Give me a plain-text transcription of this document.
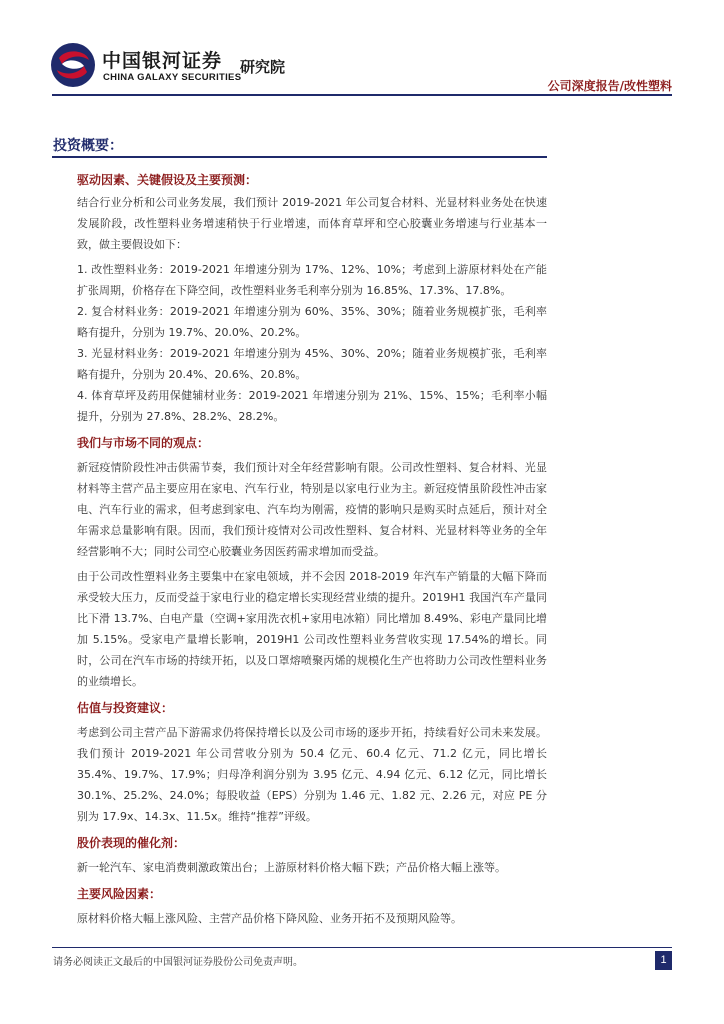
中国银河证券
CHINA GALAXY SECURITIES
研究院
公司深度报告/改性塑料
投资概要：

驱动因素、关键假设及主要预测：

结合行业分析和公司业务发展，我们预计 2019-2021 年公司复合材料、光显材料业务处在快速发展阶段，改性塑料业务增速稍快于行业增速，而体育草坪和空心胶囊业务增速与行业基本一致，做主要假设如下：

1. 改性塑料业务：2019-2021 年增速分别为 17%、12%、10%；考虑到上游原材料处在产能扩张周期，价格存在下降空间，改性塑料业务毛利率分别为 16.85%、17.3%、17.8%。

2. 复合材料业务：2019-2021 年增速分别为 60%、35%、30%；随着业务规模扩张，毛利率略有提升，分别为 19.7%、20.0%、20.2%。

3. 光显材料业务：2019-2021 年增速分别为 45%、30%、20%；随着业务规模扩张，毛利率略有提升，分别为 20.4%、20.6%、20.8%。

4. 体育草坪及药用保健辅材业务：2019-2021 年增速分别为 21%、15%、15%；毛利率小幅提升，分别为 27.8%、28.2%、28.2%。

我们与市场不同的观点：

新冠疫情阶段性冲击供需节奏，我们预计对全年经营影响有限。公司改性塑料、复合材料、光显材料等主营产品主要应用在家电、汽车行业，特别是以家电行业为主。新冠疫情虽阶段性冲击家电、汽车行业的需求，但考虑到家电、汽车均为刚需，疫情的影响只是购买时点延后，预计对全年需求总量影响有限。因而，我们预计疫情对公司改性塑料、复合材料、光显材料等业务的全年经营影响不大；同时公司空心胶囊业务因医药需求增加而受益。

由于公司改性塑料业务主要集中在家电领域，并不会因 2018-2019 年汽车产销量的大幅下降而承受较大压力，反而受益于家电行业的稳定增长实现经营业绩的提升。2019H1 我国汽车产量同比下滑 13.7%、白电产量（空调+家用洗衣机+家用电冰箱）同比增加 8.49%、彩电产量同比增加 5.15%。受家电产量增长影响，2019H1 公司改性塑料业务营收实现 17.54%的增长。同时，公司在汽车市场的持续开拓，以及口罩熔喷聚丙烯的规模化生产也将助力公司改性塑料业务的业绩增长。

估值与投资建议：

考虑到公司主营产品下游需求仍将保持增长以及公司市场的逐步开拓，持续看好公司未来发展。我们预计 2019-2021 年公司营收分别为 50.4 亿元、60.4 亿元、71.2 亿元，同比增长 35.4%、19.7%、17.9%；归母净利润分别为 3.95 亿元、4.94 亿元、6.12 亿元，同比增长 30.1%、25.2%、24.0%；每股收益（EPS）分别为 1.46 元、1.82 元、2.26 元，对应 PE 分别为 17.9x、14.3x、11.5x。维持“推荐”评级。

股价表现的催化剂：

新一轮汽车、家电消费刺激政策出台；上游原材料价格大幅下跌；产品价格大幅上涨等。

主要风险因素：

原材料价格大幅上涨风险、主营产品价格下降风险、业务开拓不及预期风险等。

请务必阅读正文最后的中国银河证券股份公司免责声明。	1
